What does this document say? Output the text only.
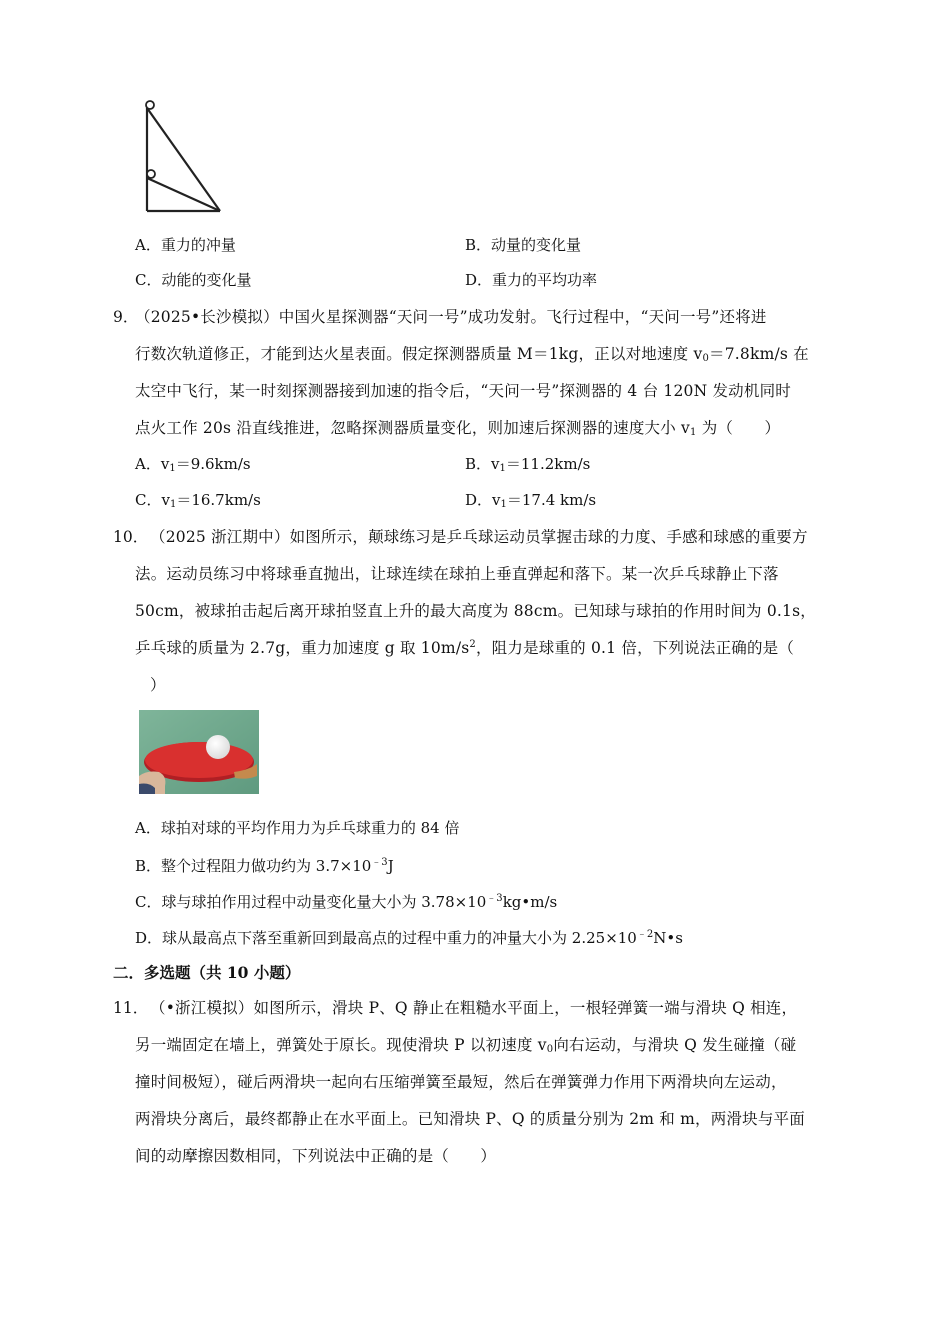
A．重力的冲量	B．动量的变化量
C．动能的变化量	D．重力的平均功率
9．
（2025•长沙模拟）中国火星探测器“天问一号”成功发射。飞行过程中，“天问一号”还将进
行数次轨道修正，才能到达火星表面。假定探测器质量 M＝1kg，正以对地速度 $v_0=7.8km/s$ 在
太空中飞行，某一时刻探测器接到加速的指令后，“天问一号”探测器的 4 台 120N 发动机同时
点火工作 20s 沿直线推进，忽略探测器质量变化，则加速后探测器的速度大小 $v_1$ 为（　　）
A．$v_1=9.6km/s$	B．$v_1=11.2km/s$
C．$v_1=16.7km/s$	D．$v_1=17.4$ km/s
10． （2025 浙江期中）如图所示，颠球练习是乒乓球运动员掌握击球的力度、手感和球感的重要方
法。运动员练习中将球垂直抛出，让球连续在球拍上垂直弹起和落下。某一次乒乓球静止下落
50cm，被球拍击起后离开球拍竖直上升的最大高度为 88cm。已知球与球拍的作用时间为 0.1s，
乒乓球的质量为 2.7g，重力加速度 g 取 $10m/s^2$，阻力是球重的 0.1 倍，下列说法正确的是（
）
A．球拍对球的平均作用力为乒乓球重力的 84 倍
B．整个过程阻力做功约为 $3.7\times 10^{﹣3}J$
C．球与球拍作用过程中动量变化量大小为 $3.78\times 10^{﹣3}kg•m/s$
D．球从最高点下落至重新回到最高点的过程中重力的冲量大小为 $2.25\times 10^{﹣2}N•s$
二．多选题（共 10 小题）
11． （•浙江模拟）如图所示，滑块 P、Q 静止在粗糙水平面上，一根轻弹簧一端与滑块 Q 相连，
另一端固定在墙上，弹簧处于原长。现使滑块 P 以初速度 $v_0$向右运动，与滑块 Q 发生碰撞（碰
撞时间极短），碰后两滑块一起向右压缩弹簧至最短，然后在弹簧弹力作用下两滑块向左运动，
两滑块分离后，最终都静止在水平面上。已知滑块 P、Q 的质量分别为 2m 和 m，两滑块与平面
间的动摩擦因数相同，下列说法中正确的是（　　）
